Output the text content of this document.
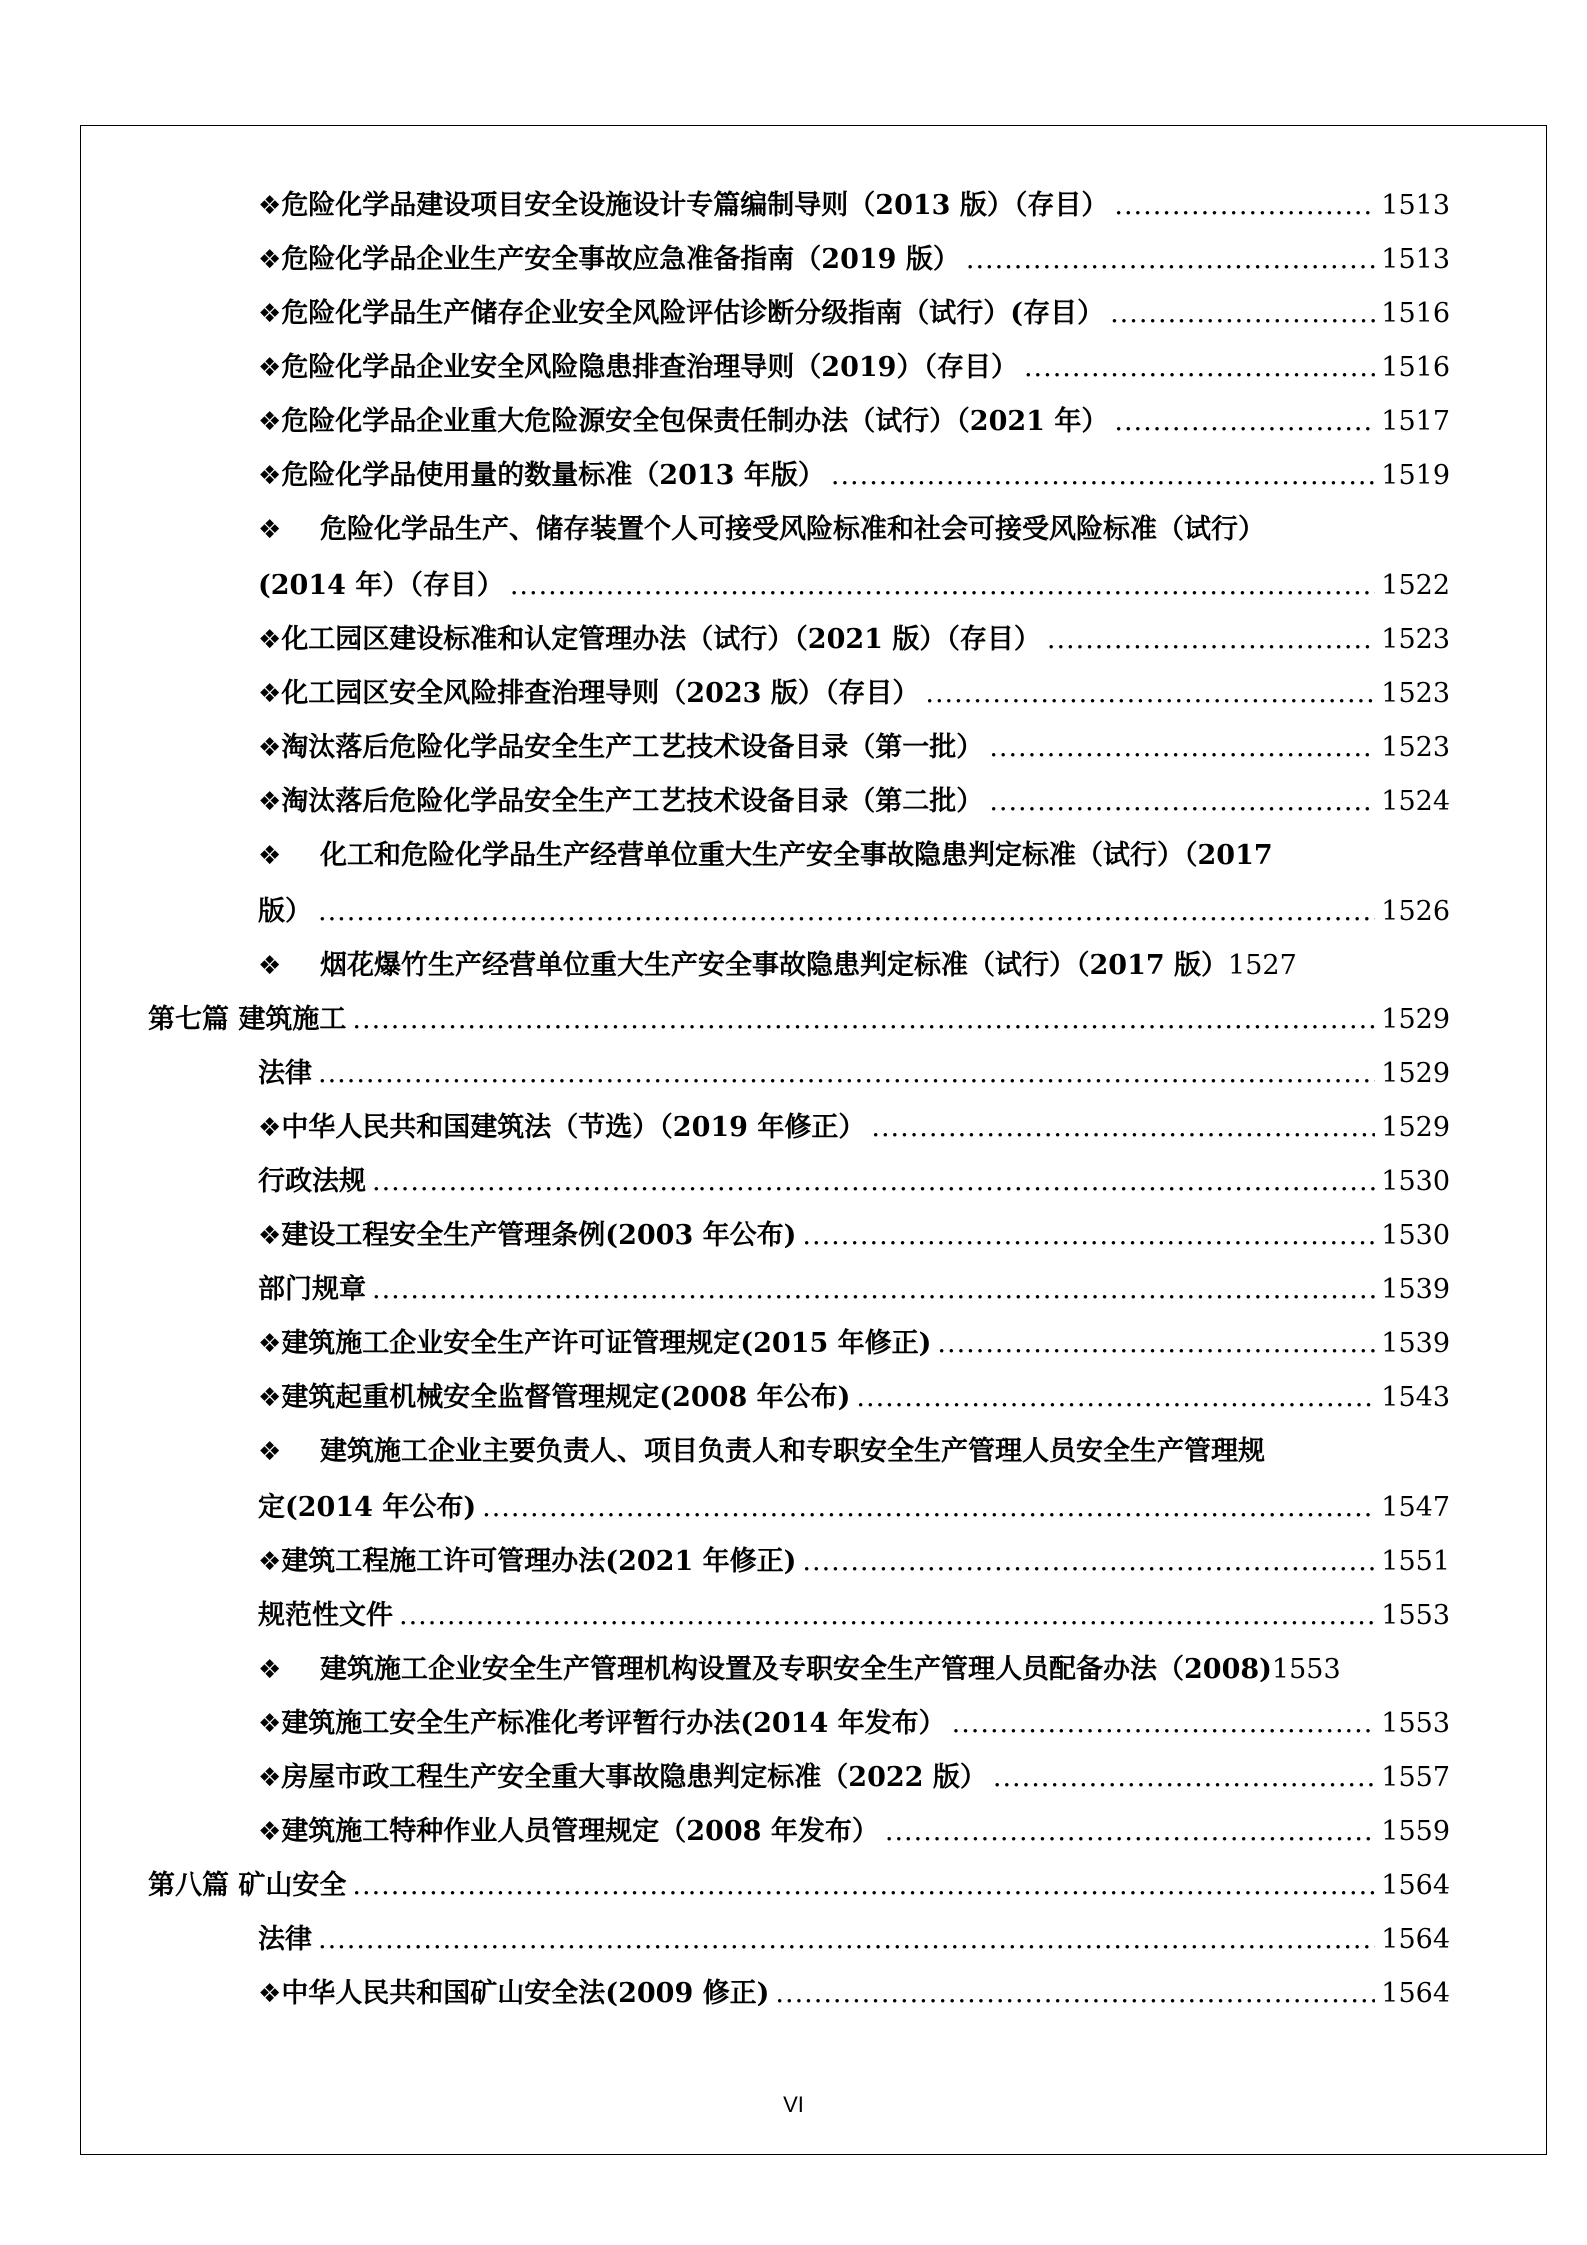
❖ 危险化学品建设项目安全设施设计专篇编制导则（2013 版）（存目） .....	1513
❖ 危险化学品企业生产安全事故应急准备指南（2019 版） .....	1513
❖ 危险化学品生产储存企业安全风险评估诊断分级指南（试行）(存目） .....	1516
❖ 危险化学品企业安全风险隐患排查治理导则（2019）（存目） .....	1516
❖ 危险化学品企业重大危险源安全包保责任制办法（试行）（2021 年） .....	1517
❖ 危险化学品使用量的数量标准（2013 年版） .....	1519
❖	危险化学品生产、储存装置个人可接受风险标准和社会可接受风险标准（试行）
(2014 年）（存目） .....	1522
❖ 化工园区建设标准和认定管理办法（试行）（2021 版）（存目） .....	1523
❖ 化工园区安全风险排查治理导则（2023 版）（存目） .....	1523
❖ 淘汰落后危险化学品安全生产工艺技术设备目录（第一批） .....	1523
❖ 淘汰落后危险化学品安全生产工艺技术设备目录（第二批） .....	1524
❖	化工和危险化学品生产经营单位重大生产安全事故隐患判定标准（试行）（2017
版） .....	1526
❖	烟花爆竹生产经营单位重大生产安全事故隐患判定标准（试行）（2017 版） 1527
第七篇 建筑施工 .....	1529
法律 .....	1529
❖ 中华人民共和国建筑法（节选）（2019 年修正） .....	1529
行政法规 .....	1530
❖ 建设工程安全生产管理条例(2003 年公布) .....	1530
部门规章 .....	1539
❖ 建筑施工企业安全生产许可证管理规定(2015 年修正) .....	1539
❖ 建筑起重机械安全监督管理规定(2008 年公布) .....	1543
❖	建筑施工企业主要负责人、项目负责人和专职安全生产管理人员安全生产管理规
定(2014 年公布) .....	1547
❖ 建筑工程施工许可管理办法(2021 年修正) .....	1551
规范性文件 .....	1553
❖	建筑施工企业安全生产管理机构设置及专职安全生产管理人员配备办法（2008) 1553
❖ 建筑施工安全生产标准化考评暂行办法(2014 年发布） .....	1553
❖ 房屋市政工程生产安全重大事故隐患判定标准（2022 版） .....	1557
❖ 建筑施工特种作业人员管理规定（2008 年发布） .....	1559
第八篇 矿山安全 .....	1564
法律 .....	1564
❖ 中华人民共和国矿山安全法(2009 修正) .....	1564
VI
